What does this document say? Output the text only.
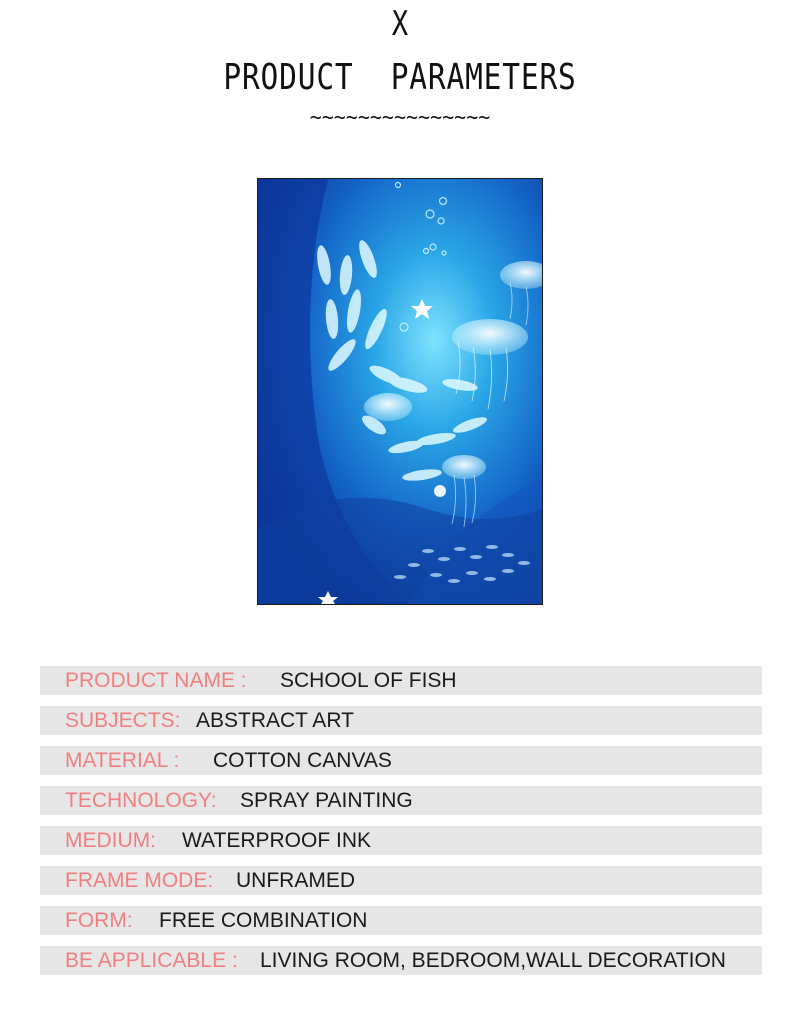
X
PRODUCT  PARAMETERS
~~~~~~~~~~~~~~~
PRODUCT NAME :	SCHOOL OF FISH
SUBJECTS: ABSTRACT ART
MATERIAL :	COTTON CANVAS
TECHNOLOGY:	SPRAY PAINTING
MEDIUM:	WATERPROOF INK
FRAME MODE:	UNFRAMED
FORM:	FREE COMBINATION
BE APPLICABLE :	LIVING ROOM, BEDROOM,WALL DECORATION
